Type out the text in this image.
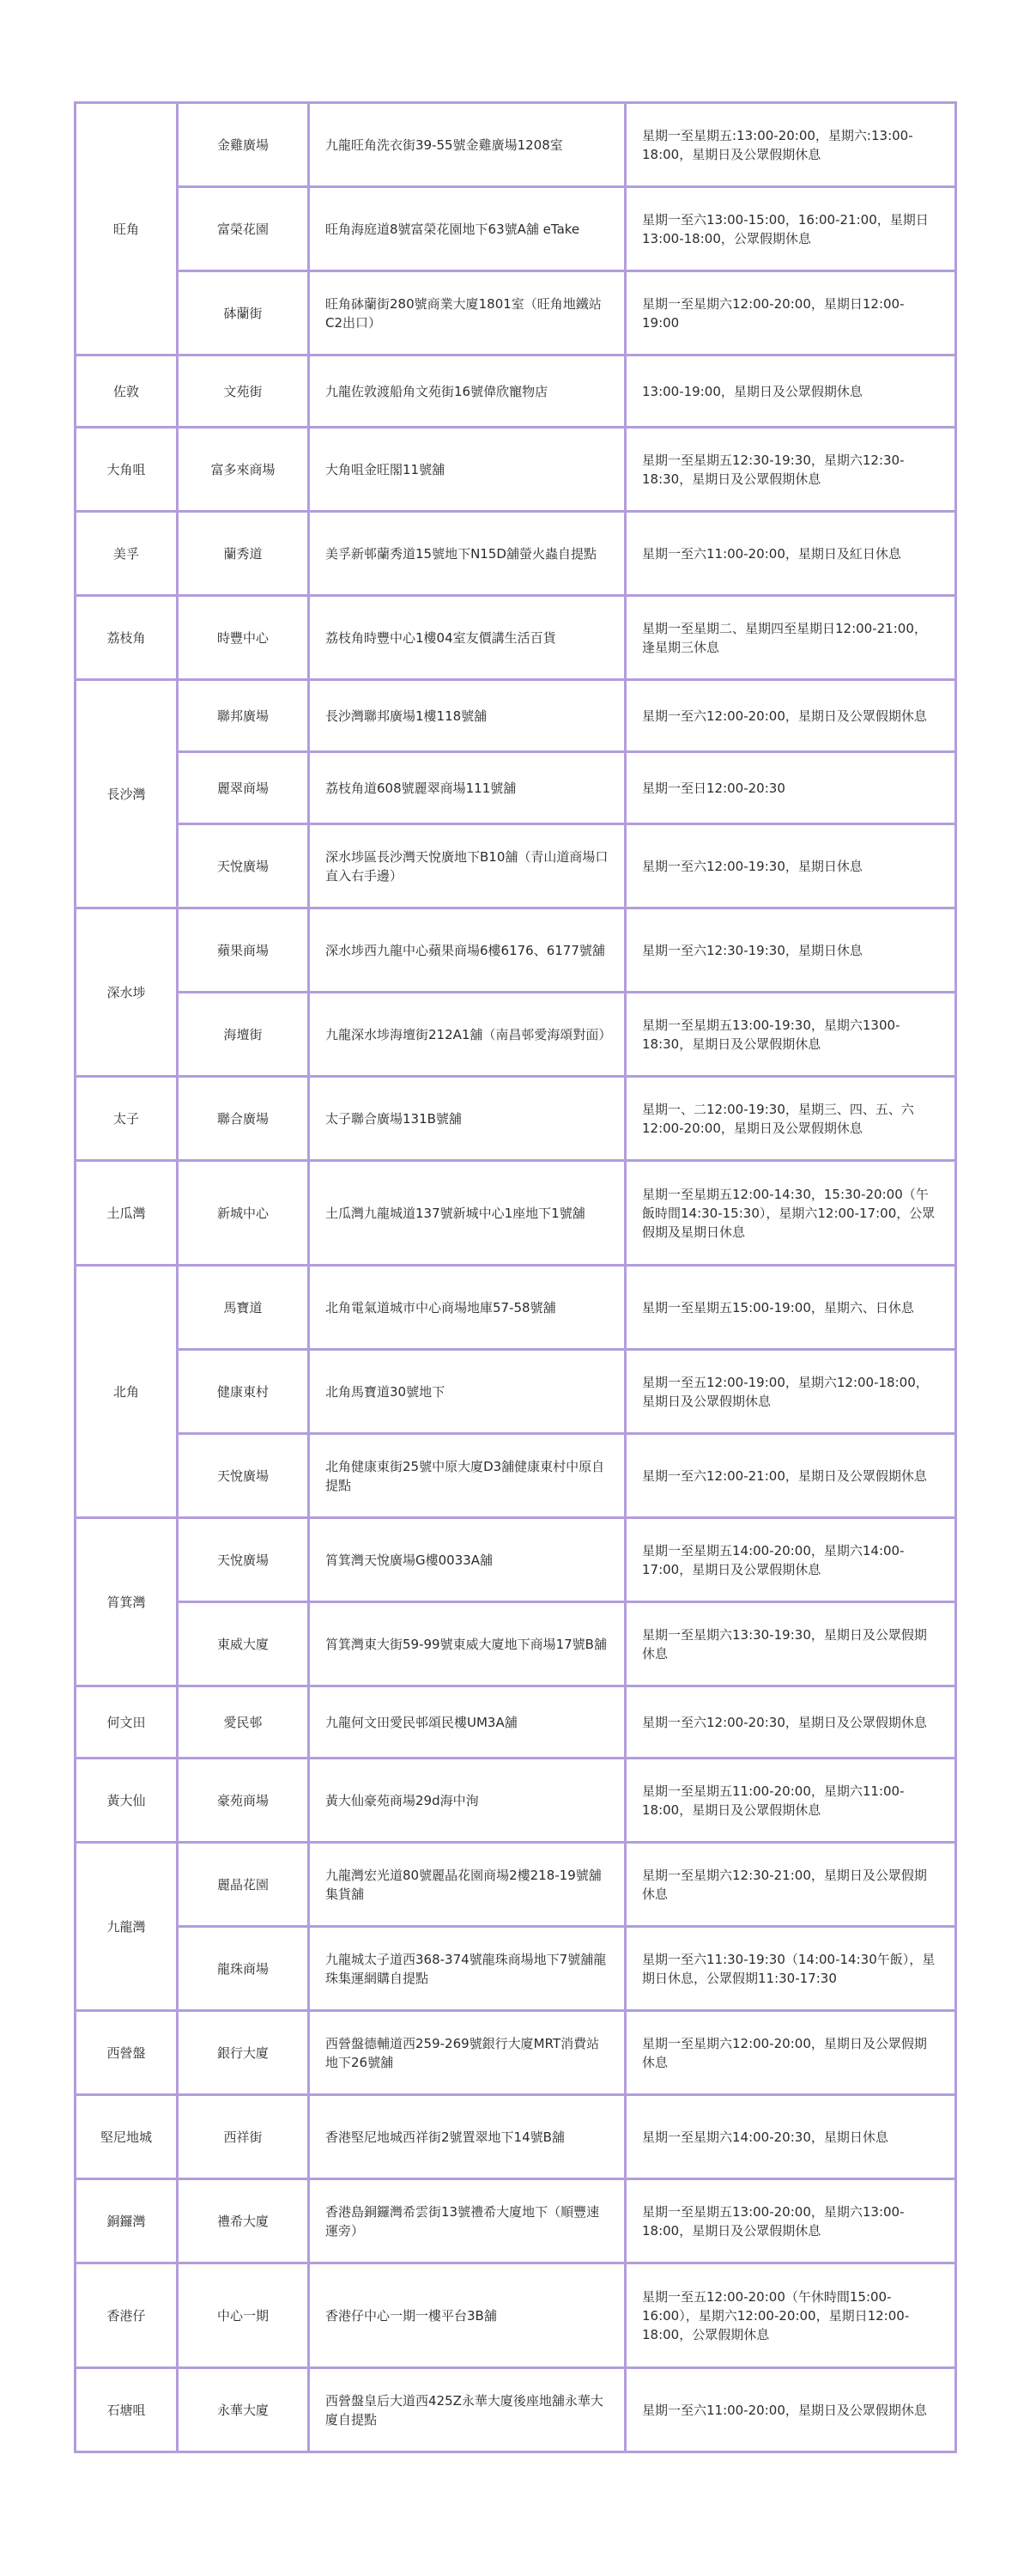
旺角	金雞廣場	九龍旺角洗衣街39-55號金雞廣場1208室	星期一至星期五:13:00-20:00，星期六:13:00-18:00，星期日及公眾假期休息
	富榮花園	旺角海庭道8號富榮花園地下63號A舖 eTake	星期一至六13:00-15:00，16:00-21:00，星期日13:00-18:00，公眾假期休息
	砵蘭街	旺角砵蘭街280號商業大廈1801室（旺角地鐵站C2出口）	星期一至星期六12:00-20:00，星期日12:00-19:00
佐敦	文苑街	九龍佐敦渡船角文苑街16號偉欣寵物店	13:00-19:00，星期日及公眾假期休息
大角咀	富多來商場	大角咀金旺閣11號舖	星期一至星期五12:30-19:30，星期六12:30-18:30，星期日及公眾假期休息
美孚	蘭秀道	美孚新邨蘭秀道15號地下N15D舖螢火蟲自提點	星期一至六11:00-20:00，星期日及紅日休息
荔枝角	時豐中心	荔枝角時豐中心1樓04室友價講生活百貨	星期一至星期二、星期四至星期日12:00-21:00，逢星期三休息
長沙灣	聯邦廣場	長沙灣聯邦廣場1樓118號舖	星期一至六12:00-20:00，星期日及公眾假期休息
	麗翠商場	荔枝角道608號麗翠商場111號舖	星期一至日12:00-20:30
	天悅廣場	深水埗區長沙灣天悅廣地下B10舖（青山道商場口直入右手邊）	星期一至六12:00-19:30，星期日休息
深水埗	蘋果商場	深水埗西九龍中心蘋果商場6樓6176、6177號舖	星期一至六12:30-19:30，星期日休息
	海壇街	九龍深水埗海壇街212A1舖（南昌邨愛海頌對面）	星期一至星期五13:00-19:30，星期六1300-18:30，星期日及公眾假期休息
太子	聯合廣場	太子聯合廣場131B號舖	星期一、二12:00-19:30，星期三、四、五、六12:00-20:00，星期日及公眾假期休息
土瓜灣	新城中心	土瓜灣九龍城道137號新城中心1座地下1號舖	星期一至星期五12:00-14:30，15:30-20:00（午飯時間14:30-15:30），星期六12:00-17:00，公眾假期及星期日休息
北角	馬寶道	北角電氣道城市中心商場地庫57-58號舖	星期一至星期五15:00-19:00，星期六、日休息
	健康東村	北角馬寶道30號地下	星期一至五12:00-19:00，星期六12:00-18:00，星期日及公眾假期休息
	天悅廣場	北角健康東街25號中原大廈D3舖健康東村中原自提點	星期一至六12:00-21:00，星期日及公眾假期休息
筲箕灣	天悅廣場	筲箕灣天悅廣場G樓0033A舖	星期一至星期五14:00-20:00，星期六14:00-17:00，星期日及公眾假期休息
	東威大廈	筲箕灣東大街59-99號東威大廈地下商場17號B舖	星期一至星期六13:30-19:30，星期日及公眾假期休息
何文田	愛民邨	九龍何文田愛民邨頌民樓UM3A舖	星期一至六12:00-20:30，星期日及公眾假期休息
黃大仙	豪苑商場	黃大仙豪苑商場29d海中洵	星期一至星期五11:00-20:00，星期六11:00-18:00，星期日及公眾假期休息
九龍灣	麗晶花園	九龍灣宏光道80號麗晶花園商場2樓218-19號舖集貨舖	星期一至星期六12:30-21:00，星期日及公眾假期休息
	龍珠商場	九龍城太子道西368-374號龍珠商場地下7號舖龍珠集運網購自提點	星期一至六11:30-19:30（14:00-14:30午飯），星期日休息，公眾假期11:30-17:30
西營盤	銀行大廈	西營盤德輔道西259-269號銀行大廈MRT消費站地下26號舖	星期一至星期六12:00-20:00，星期日及公眾假期休息
堅尼地城	西祥街	香港堅尼地城西祥街2號置翠地下14號B舖	星期一至星期六14:00-20:30，星期日休息
銅鑼灣	禮希大廈	香港島銅鑼灣希雲街13號禮希大廈地下（順豐速運旁）	星期一至星期五13:00-20:00，星期六13:00-18:00，星期日及公眾假期休息
香港仔	中心一期	香港仔中心一期一樓平台3B舖	星期一至五12:00-20:00（午休時間15:00-16:00），星期六12:00-20:00，星期日12:00-18:00，公眾假期休息
石塘咀	永華大廈	西營盤皇后大道西425Z永華大廈後座地舖永華大廈自提點	星期一至六11:00-20:00，星期日及公眾假期休息
